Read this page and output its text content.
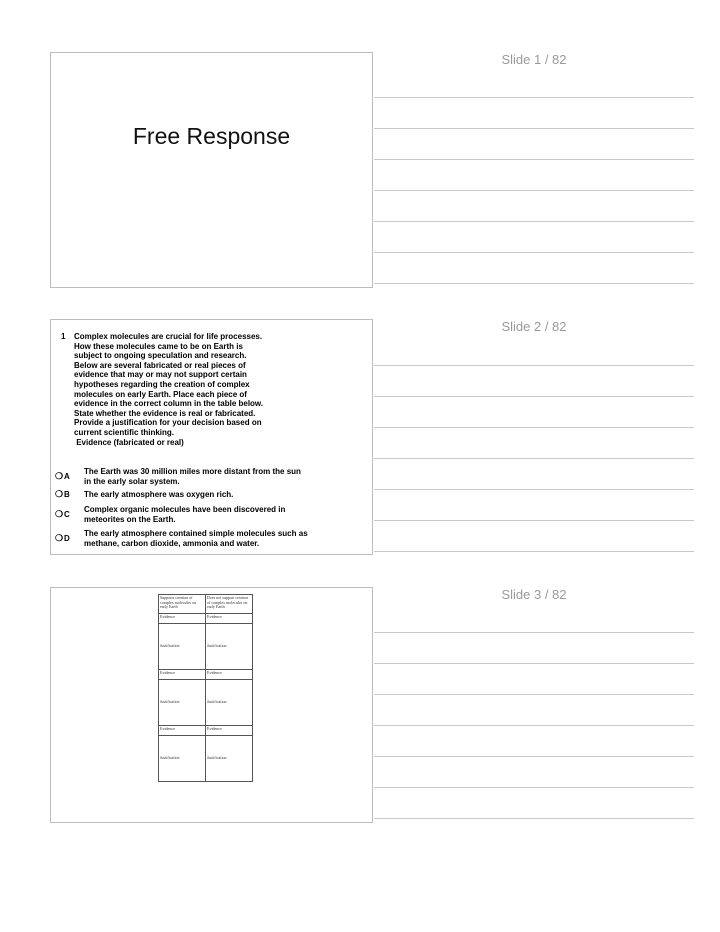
Slide 1 / 82
Free Response
Slide 2 / 82
1 Complex molecules are crucial for life processes.

How these molecules came to be on Earth is

subject to ongoing speculation and research.

Below are several fabricated or real pieces of

evidence that may or may not support certain

hypotheses regarding the creation of complex

molecules on early Earth. Place each piece of

evidence in the correct column in the table below.

State whether the evidence is real or fabricated.

Provide a justification for your decision based on

current scientific thinking.

Evidence (fabricated or real)

❍ A
The Earth was 30 million miles more distant from the sun
in the early solar system.
❍ B The early atmosphere was oxygen rich.
❍ C
Complex organic molecules have been discovered in
meteorites on the Earth.
❍ D
The early atmosphere contained simple molecules such as
methane, carbon dioxide, ammonia and water.
Slide 3 / 82
Supports creation of complex molecules on early Earth	Does not support creation of complex molecules on early Earth
Evidence	Evidence
Justification	Justification
Evidence	Evidence
Justification	Justification
Evidence	Evidence
Justification	Justification
